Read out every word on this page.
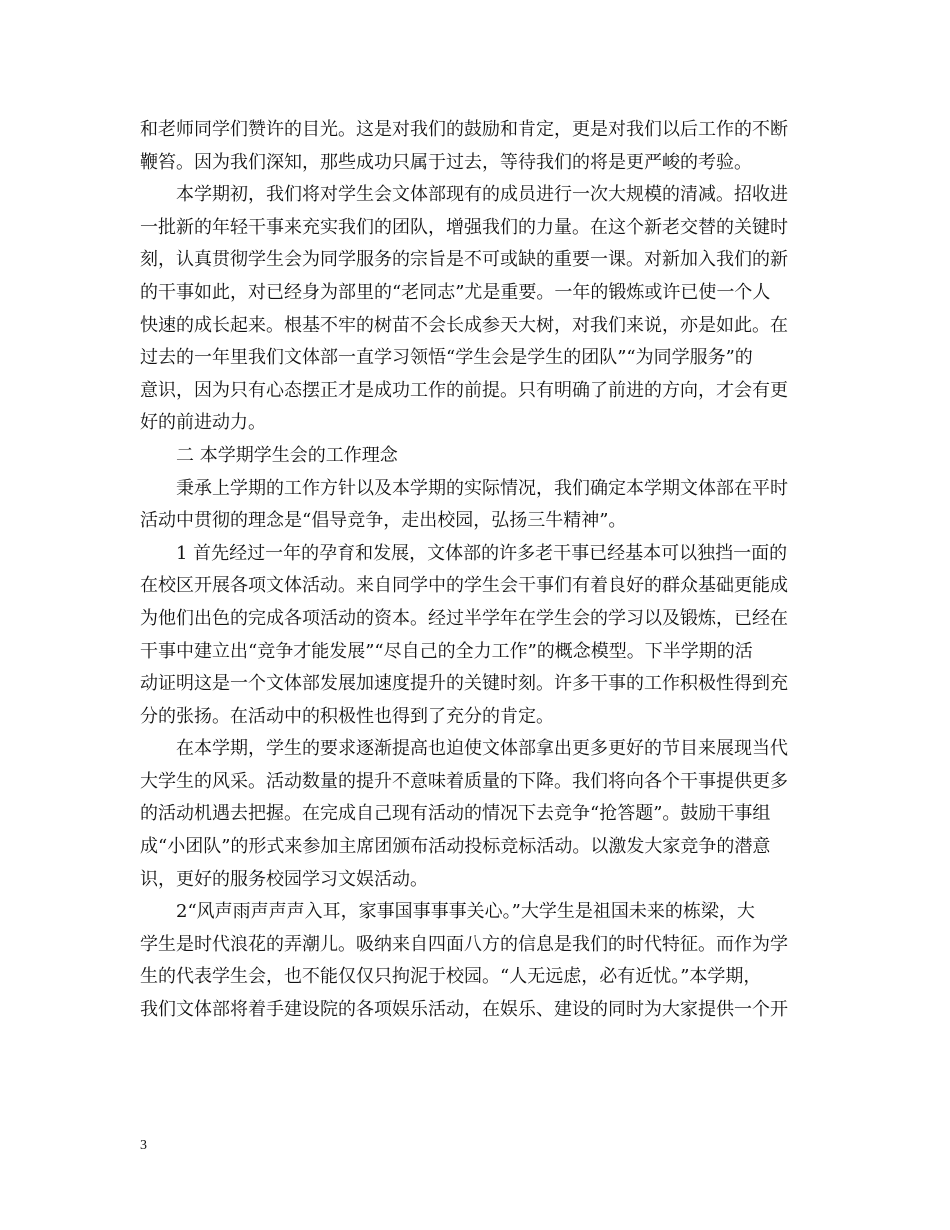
和老师同学们赞许的目光。这是对我们的鼓励和肯定，更是对我们以后工作的不断
鞭笞。因为我们深知，那些成功只属于过去，等待我们的将是更严峻的考验。
本学期初，我们将对学生会文体部现有的成员进行一次大规模的清减。招收进
一批新的年轻干事来充实我们的团队，增强我们的力量。在这个新老交替的关键时
刻，认真贯彻学生会为同学服务的宗旨是不可或缺的重要一课。对新加入我们的新
的干事如此，对已经身为部里的“老同志”尤是重要。一年的锻炼或许已使一个人
快速的成长起来。根基不牢的树苗不会长成参天大树，对我们来说，亦是如此。在
过去的一年里我们文体部一直学习领悟“学生会是学生的团队”“为同学服务”的
意识，因为只有心态摆正才是成功工作的前提。只有明确了前进的方向，才会有更
好的前进动力。
二 本学期学生会的工作理念
秉承上学期的工作方针以及本学期的实际情况，我们确定本学期文体部在平时
活动中贯彻的理念是“倡导竞争，走出校园，弘扬三牛精神”。
1 首先经过一年的孕育和发展，文体部的许多老干事已经基本可以独挡一面的
在校区开展各项文体活动。来自同学中的学生会干事们有着良好的群众基础更能成
为他们出色的完成各项活动的资本。经过半学年在学生会的学习以及锻炼，已经在
干事中建立出“竞争才能发展”“尽自己的全力工作”的概念模型。下半学期的活
动证明这是一个文体部发展加速度提升的关键时刻。许多干事的工作积极性得到充
分的张扬。在活动中的积极性也得到了充分的肯定。
在本学期，学生的要求逐渐提高也迫使文体部拿出更多更好的节目来展现当代
大学生的风采。活动数量的提升不意味着质量的下降。我们将向各个干事提供更多
的活动机遇去把握。在完成自己现有活动的情况下去竞争“抢答题”。鼓励干事组
成“小团队”的形式来参加主席团颁布活动投标竞标活动。以激发大家竞争的潜意
识，更好的服务校园学习文娱活动。
2“风声雨声声声入耳，家事国事事事关心。”大学生是祖国未来的栋梁，大
学生是时代浪花的弄潮儿。吸纳来自四面八方的信息是我们的时代特征。而作为学
生的代表学生会，也不能仅仅只拘泥于校园。“人无远虑，必有近忧。”本学期，
我们文体部将着手建设院的各项娱乐活动，在娱乐、建设的同时为大家提供一个开
3
